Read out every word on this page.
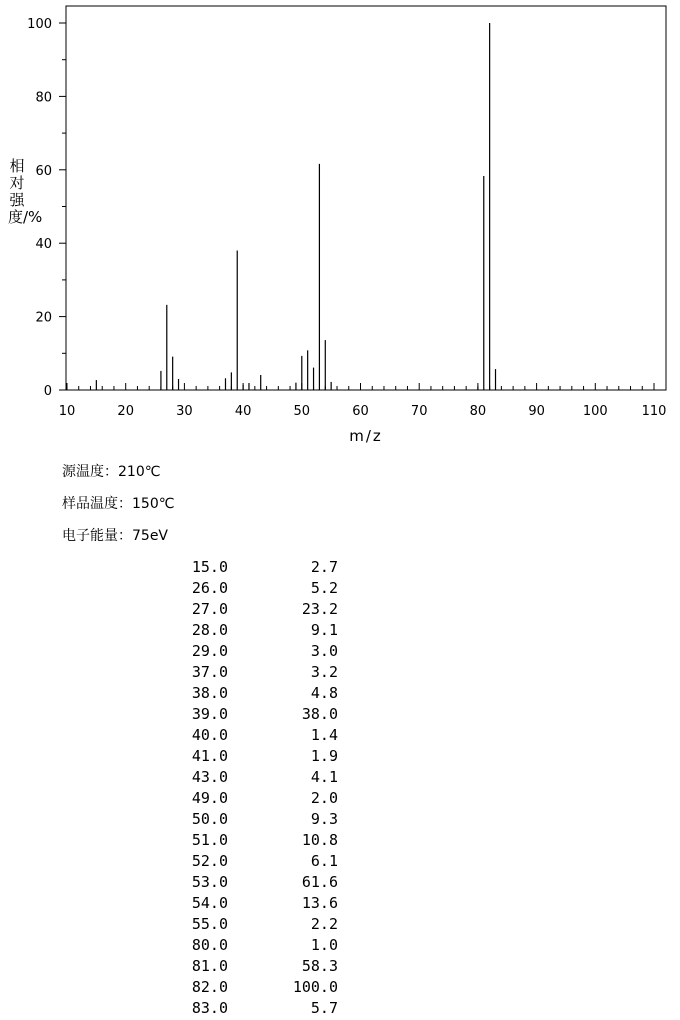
10	20	30	40	50	60	70	80	90	100	110
0
20
40
60
80
100
相对强度/%
m/z
源温度：210℃
样品温度：150℃
电子能量：75eV
15.0	2.7
26.0	5.2
27.0	23.2
28.0	9.1
29.0	3.0
37.0	3.2
38.0	4.8
39.0	38.0
40.0	1.4
41.0	1.9
43.0	4.1
49.0	2.0
50.0	9.3
51.0	10.8
52.0	6.1
53.0	61.6
54.0	13.6
55.0	2.2
80.0	1.0
81.0	58.3
82.0	100.0
83.0	5.7
